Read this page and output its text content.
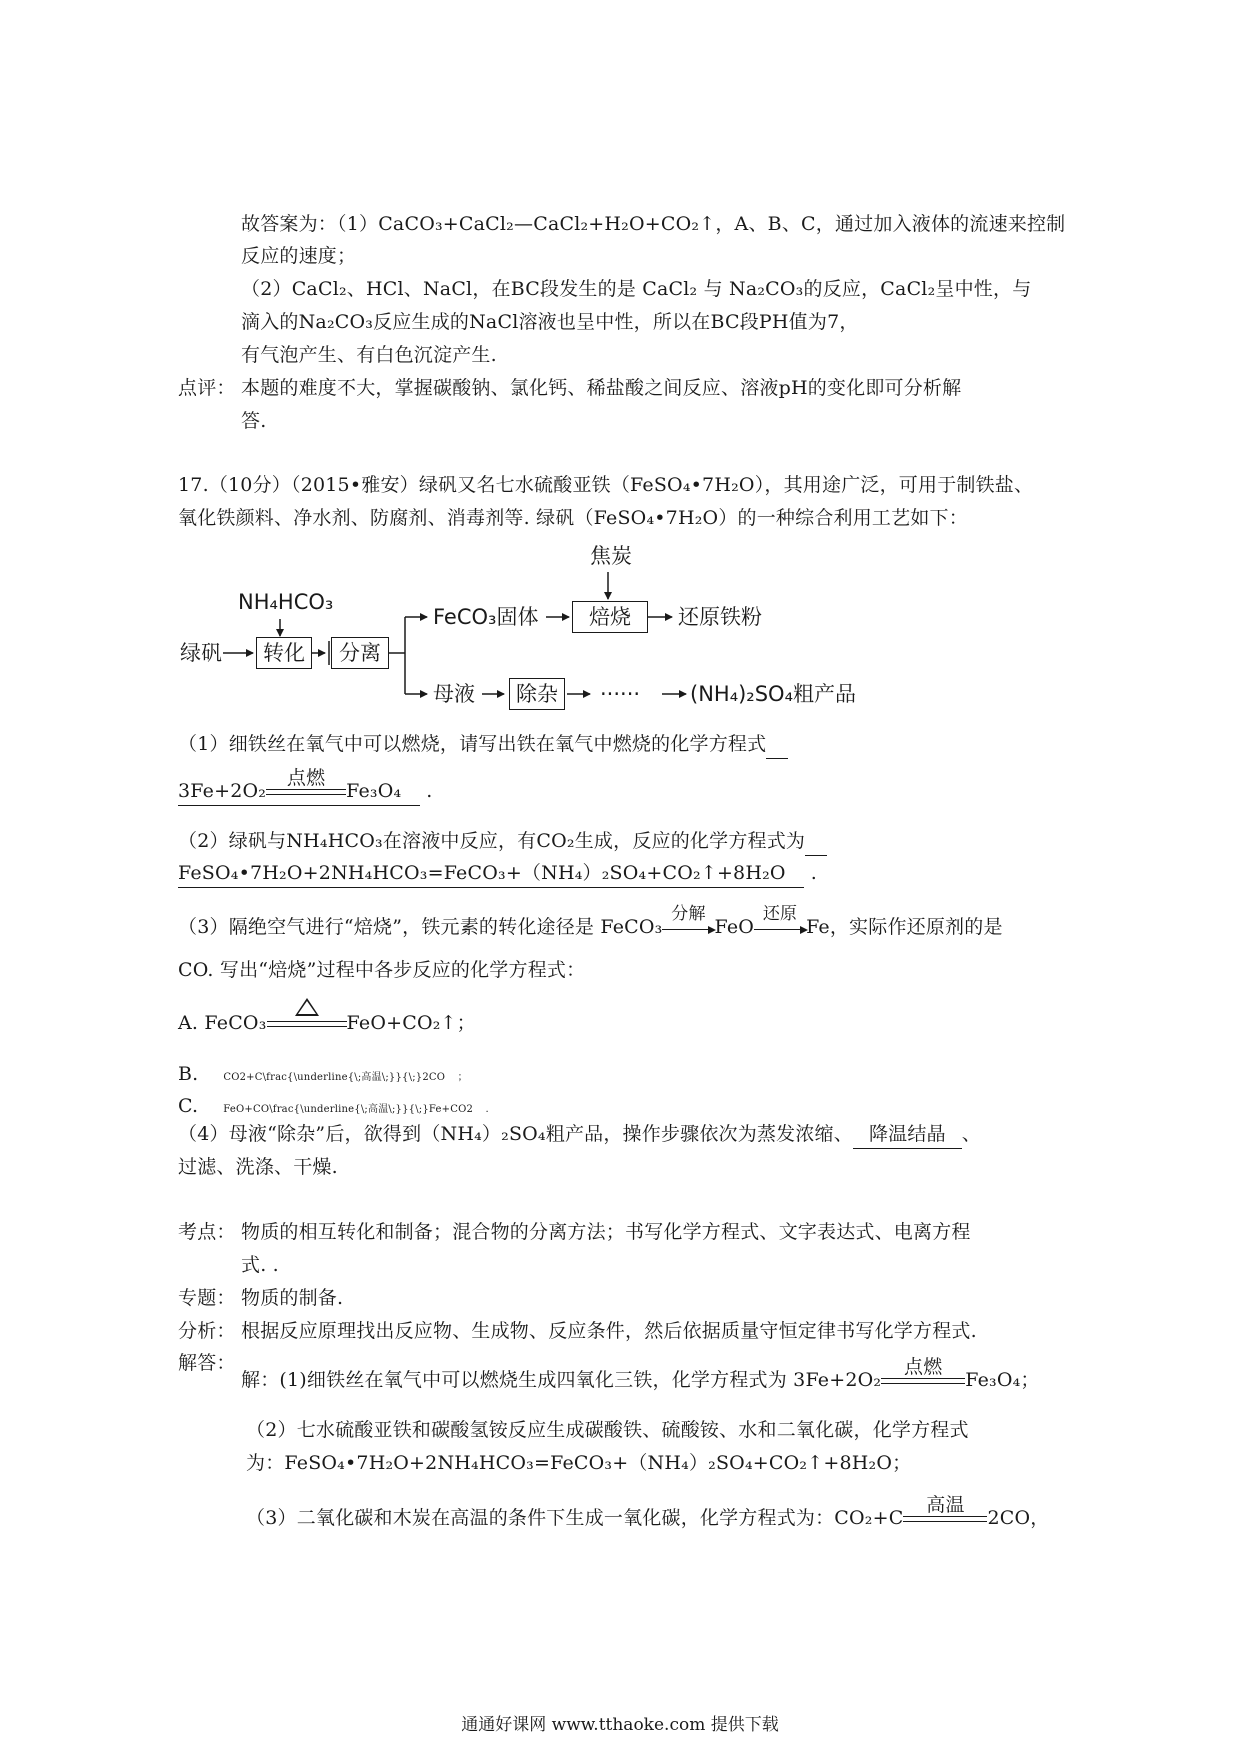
故答案为：（1）CaCO₃+CaCl₂—CaCl₂+H₂O+CO₂↑，A、B、C，通过加入液体的流速来控制
反应的速度；
（2）CaCl₂、HCl、NaCl，在BC段发生的是 CaCl₂ 与 Na₂CO₃的反应，CaCl₂呈中性，与
滴入的Na₂CO₃反应生成的NaCl溶液也呈中性，所以在BC段PH值为7，
有气泡产生、有白色沉淀产生.
点评： 本题的难度不大，掌握碳酸钠、氯化钙、稀盐酸之间反应、溶液pH的变化即可分析解
答.
17.（10分）（2015•雅安）绿矾又名七水硫酸亚铁（FeSO₄•7H₂O），其用途广泛，可用于制铁盐、
氧化铁颜料、净水剂、防腐剂、消毒剂等. 绿矾（FeSO₄•7H₂O）的一种综合利用工艺如下：
绿矾
NH₄HCO₃
转化	分离
FeCO₃固体
焦炭
焙烧	还原铁粉
母液	除杂	······ (NH₄)₂SO₄粗产品
（1）细铁丝在氧气中可以燃烧，请写出铁在氧气中燃烧的化学方程式
3Fe+2O₂
点燃
Fe₃O₄ .
（2）绿矾与NH₄HCO₃在溶液中反应，有CO₂生成，反应的化学方程式为
FeSO₄•7H₂O+2NH₄HCO₃=FeCO₃+（NH₄）₂SO₄+CO₂↑+8H₂O .
（3）隔绝空气进行“焙烧”，铁元素的转化途径是 FeCO₃
分解
FeO
还原
Fe，实际作还原剂的是
CO. 写出“焙烧”过程中各步反应的化学方程式：
A. FeCO₃	FeO+CO₂↑；
B. CO2+C\frac{\underline{\;高温\;}}{\;}2CO ；
C. FeO+CO\frac{\underline{\;高温\;}}{\;}Fe+CO2 .
（4）母液“除杂”后，欲得到（NH₄）₂SO₄粗产品，操作步骤依次为蒸发浓缩、 降温结晶 、
过滤、洗涤、干燥.
考点： 物质的相互转化和制备；混合物的分离方法；书写化学方程式、文字表达式、电离方程
式. .
专题： 物质的制备.
分析： 根据反应原理找出反应物、生成物、反应条件，然后依据质量守恒定律书写化学方程式.
解答：
解：(1)细铁丝在氧气中可以燃烧生成四氧化三铁，化学方程式为 3Fe+2O₂
点燃
Fe₃O₄；
（2）七水硫酸亚铁和碳酸氢铵反应生成碳酸铁、硫酸铵、水和二氧化碳，化学方程式
为：FeSO₄•7H₂O+2NH₄HCO₃=FeCO₃+（NH₄）₂SO₄+CO₂↑+8H₂O；
（3）二氧化碳和木炭在高温的条件下生成一氧化碳，化学方程式为：CO₂+C
高温
2CO，
通通好课网 www.tthaoke.com 提供下载
